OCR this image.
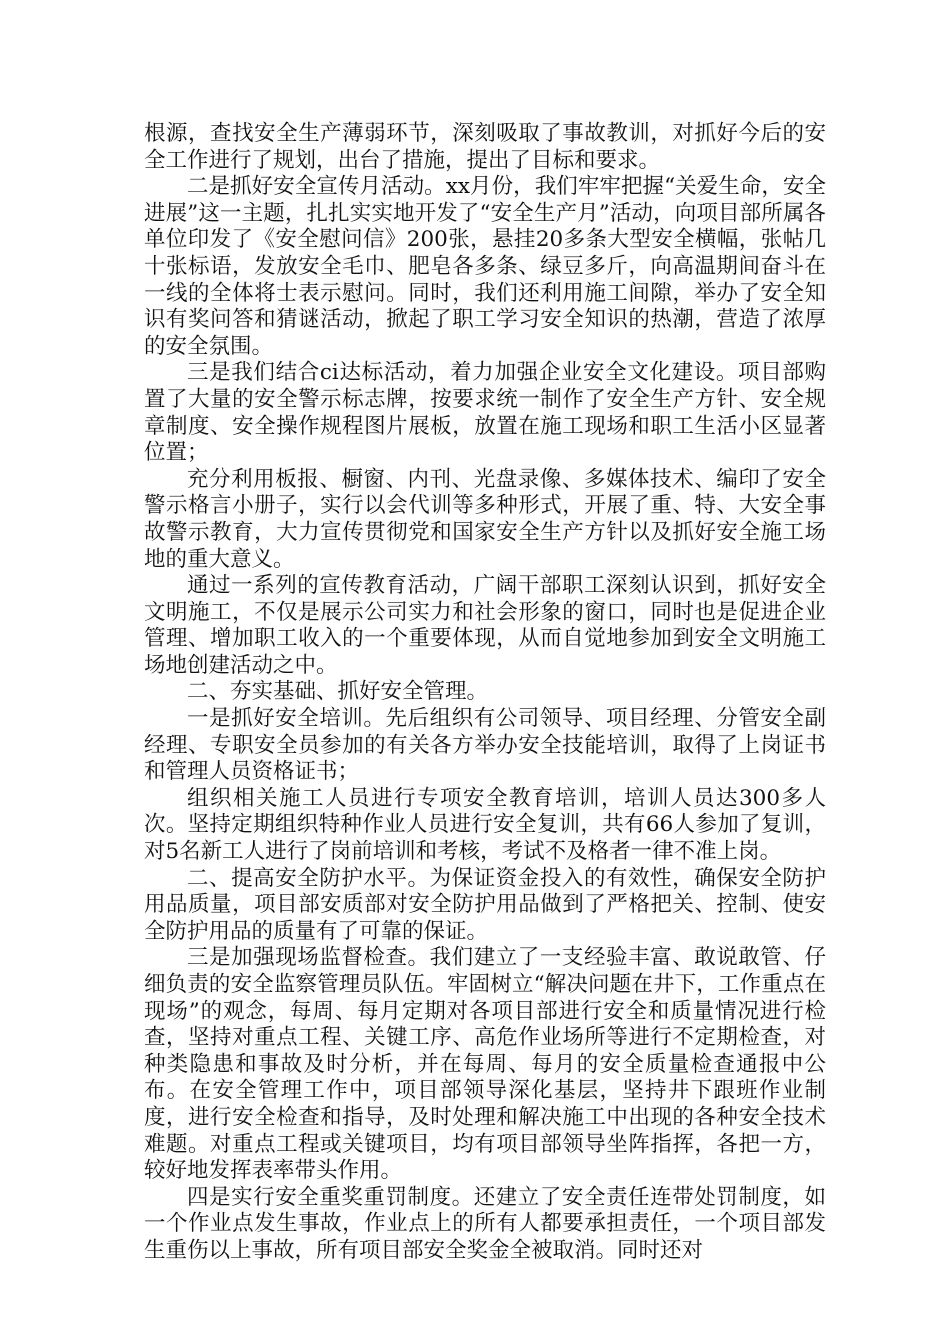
根源，查找安全生产薄弱环节，深刻吸取了事故教训，对抓好今后的安全工作进行了规划，出台了措施，提出了目标和要求。

二是抓好安全宣传月活动。xx月份，我们牢牢把握“关爱生命，安全进展”这一主题，扎扎实实地开发了“安全生产月”活动，向项目部所属各单位印发了《安全慰问信》200张，悬挂20多条大型安全横幅，张帖几十张标语，发放安全毛巾、肥皂各多条、绿豆多斤，向高温期间奋斗在一线的全体将士表示慰问。同时，我们还利用施工间隙，举办了安全知识有奖问答和猜谜活动，掀起了职工学习安全知识的热潮，营造了浓厚的安全氛围。

三是我们结合ci达标活动，着力加强企业安全文化建设。项目部购置了大量的安全警示标志牌，按要求统一制作了安全生产方针、安全规章制度、安全操作规程图片展板，放置在施工现场和职工生活小区显著位置；

充分利用板报、橱窗、内刊、光盘录像、多媒体技术、编印了安全警示格言小册子，实行以会代训等多种形式，开展了重、特、大安全事故警示教育，大力宣传贯彻党和国家安全生产方针以及抓好安全施工场地的重大意义。

通过一系列的宣传教育活动，广阔干部职工深刻认识到，抓好安全文明施工，不仅是展示公司实力和社会形象的窗口，同时也是促进企业管理、增加职工收入的一个重要体现，从而自觉地参加到安全文明施工场地创建活动之中。

二、夯实基础、抓好安全管理。

一是抓好安全培训。先后组织有公司领导、项目经理、分管安全副经理、专职安全员参加的有关各方举办安全技能培训，取得了上岗证书和管理人员资格证书；

组织相关施工人员进行专项安全教育培训，培训人员达300多人次。坚持定期组织特种作业人员进行安全复训，共有66人参加了复训，对5名新工人进行了岗前培训和考核，考试不及格者一律不准上岗。

二、提高安全防护水平。为保证资金投入的有效性，确保安全防护用品质量，项目部安质部对安全防护用品做到了严格把关、控制、使安全防护用品的质量有了可靠的保证。

三是加强现场监督检查。我们建立了一支经验丰富、敢说敢管、仔细负责的安全监察管理员队伍。牢固树立“解决问题在井下，工作重点在现场”的观念，每周、每月定期对各项目部进行安全和质量情况进行检查，坚持对重点工程、关键工序、高危作业场所等进行不定期检查，对种类隐患和事故及时分析，并在每周、每月的安全质量检查通报中公布。在安全管理工作中，项目部领导深化基层，坚持井下跟班作业制度，进行安全检查和指导，及时处理和解决施工中出现的各种安全技术难题。对重点工程或关键项目，均有项目部领导坐阵指挥，各把一方，较好地发挥表率带头作用。

四是实行安全重奖重罚制度。还建立了安全责任连带处罚制度，如一个作业点发生事故，作业点上的所有人都要承担责任，一个项目部发生重伤以上事故，所有项目部安全奖金全被取消。同时还对
